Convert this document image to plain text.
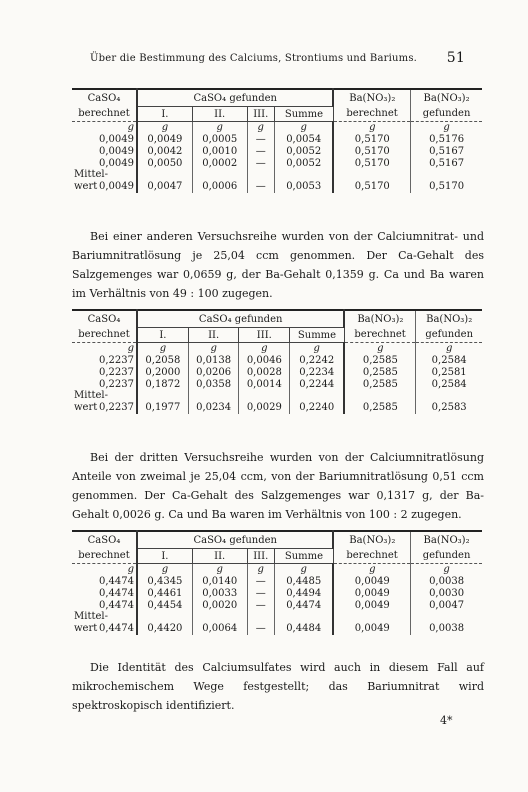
Über die Bestimmung des Calciums, Strontiums und Bariums. 51
CaSO₄	CaSO₄ gefunden				Ba(NO₃)₂	Ba(NO₃)₂
berechnet	I.	II.	III.	Summe	berechnet	gefunden
g	g	g	g	g	g	g
0,0049	0,0049	0,0005	—	0,0054	0,5170	0,5176
0,0049	0,0042	0,0010	—	0,0052	0,5170	0,5167
0,0049	0,0050	0,0002	—	0,0052	0,5170	0,5167
Mittel-						

wert 0,0049	0,0047	0,0006	—	0,0053	0,5170	0,5170

Bei einer anderen Versuchsreihe wurden von der Calciumnitrat- und Bariumnitratlösung je 25,04 ccm genommen. Der Ca-Gehalt des Salzgemenges war 0,0659 g, der Ba-Gehalt 0,1359 g. Ca und Ba waren im Verhältnis von 49 : 100 zugegen.

CaSO₄	CaSO₄ gefunden				Ba(NO₃)₂	Ba(NO₃)₂
berechnet	I.	II.	III.	Summe	berechnet	gefunden
g	g	g	g	g	g	g
0,2237	0,2058	0,0138	0,0046	0,2242	0,2585	0,2584
0,2237	0,2000	0,0206	0,0028	0,2234	0,2585	0,2581
0,2237	0,1872	0,0358	0,0014	0,2244	0,2585	0,2584
Mittel-						

wert 0,2237	0,1977	0,0234	0,0029	0,2240	0,2585	0,2583

Bei der dritten Versuchsreihe wurden von der Calciumnitratlösung Anteile von zweimal je 25,04 ccm, von der Bariumnitratlösung 0,51 ccm genommen. Der Ca-Gehalt des Salzgemenges war 0,1317 g, der Ba-Gehalt 0,0026 g. Ca und Ba waren im Verhältnis von 100 : 2 zugegen.

CaSO₄	CaSO₄ gefunden				Ba(NO₃)₂	Ba(NO₃)₂
berechnet	I.	II.	III.	Summe	berechnet	gefunden
g	g	g	g	g	g	g
0,4474	0,4345	0,0140	—	0,4485	0,0049	0,0038
0,4474	0,4461	0,0033	—	0,4494	0,0049	0,0030
0,4474	0,4454	0,0020	—	0,4474	0,0049	0,0047
Mittel-						

wert 0,4474	0,4420	0,0064	—	0,4484	0,0049	0,0038

Die Identität des Calciumsulfates wird auch in diesem Fall auf mikrochemischem Wege festgestellt; das Bariumnitrat wird spektroskopisch identifiziert.

4*
